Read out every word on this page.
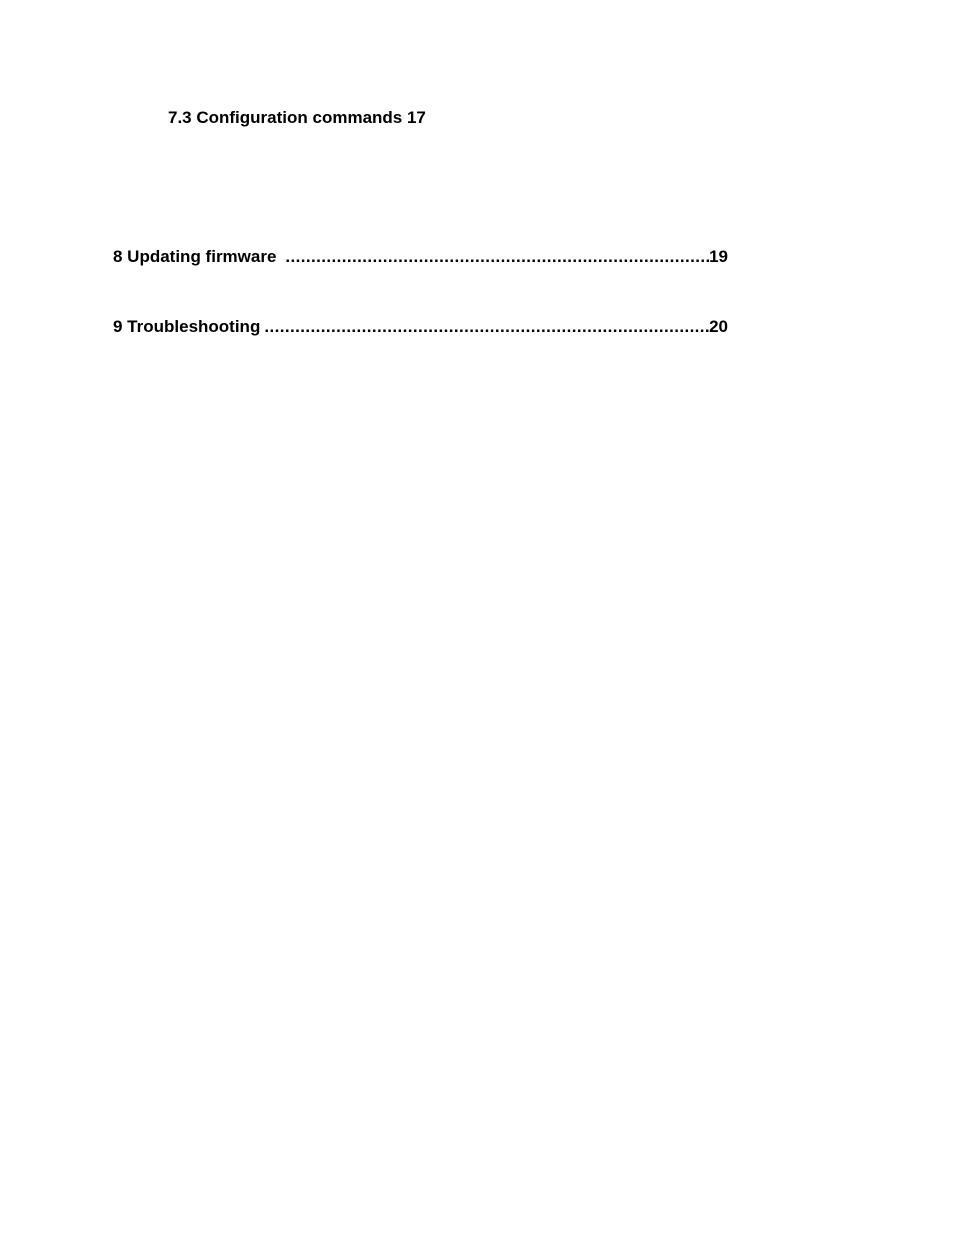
7.3 Configuration commands 17
8 Updating firmware .....	19
9 Troubleshooting .....	20
